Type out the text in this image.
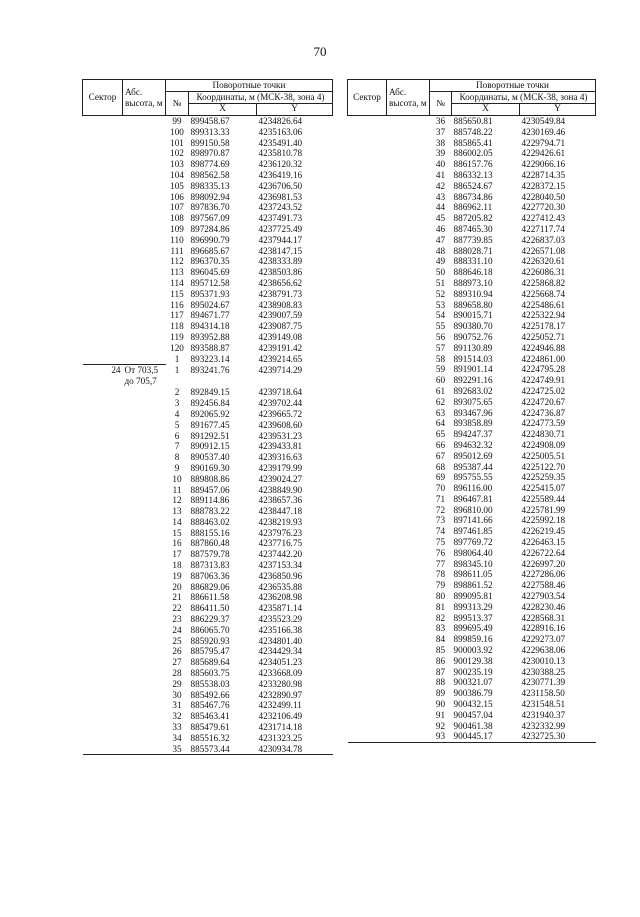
70
Сектор	Абс. высота, м	Поворотные точки		
		№	Координаты, м (МСК-38, зона 4)	
			X	Y
		99	899458.67	4234826.64
		100	899313.33	4235163.06
		101	899150.58	4235491.40
		102	898970.87	4235810.78
		103	898774.69	4236120.32
		104	898562.58	4236419.16
		105	898335.13	4236706.50
		106	898092.94	4236981.53
		107	897836.70	4237243.52
		108	897567.09	4237491.73
		109	897284.86	4237725.49
		110	896990.79	4237944.17
		111	896685.67	4238147.15
		112	896370.35	4238333.89
		113	896045.69	4238503.86
		114	895712.58	4238656.62
		115	895371.93	4238791.73
		116	895024.67	4238908.83
		117	894671.77	4239007.59
		118	894314.18	4239087.75
		119	893952.88	4239149.08
		120	893588.87	4239191.42
		1	893223.14	4239214.65
24	От 703,5 до 705,7	1	893241.76	4239714.29
		2	892849.15	4239718.64
		3	892456.84	4239702.44
		4	892065.92	4239665.72
		5	891677.45	4239608.60
		6	891292.51	4239531.23
		7	890912.15	4239433.81
		8	890537.40	4239316.63
		9	890169.30	4239179.99
		10	889808.86	4239024.27
		11	889457.06	4238849.90
		12	889114.86	4238657.36
		13	888783.22	4238447.18
		14	888463.02	4238219.93
		15	888155.16	4237976.23
		16	887860.48	4237716.75
		17	887579.78	4237442.20
		18	887313.83	4237153.34
		19	887063.36	4236850.96
		20	886829.06	4236535.88
		21	886611.58	4236208.98
		22	886411.50	4235871.14
		23	886229.37	4235523.29
		24	886065.70	4235166.38
		25	885920.93	4234801.40
		26	885795.47	4234429.34
		27	885689.64	4234051.23
		28	885603.75	4233668.09
		29	885538.03	4233280.98
		30	885492.66	4232890.97
		31	885467.76	4232499.11
		32	885463.41	4232106.49
		33	885479.61	4231714.18
		34	885516.32	4231323.25
		35	885573.44	4230934.78
Сектор	Абс. высота, м	Поворотные точки		
		№	Координаты, м (МСК-38, зона 4)	
			X	Y
		36	885650.81	4230549.84
		37	885748.22	4230169.46
		38	885865.41	4229794.71
		39	886002.05	4229426.61
		40	886157.76	4229066.16
		41	886332.13	4228714.35
		42	886524.67	4228372.15
		43	886734.86	4228040.50
		44	886962.11	4227720.30
		45	887205.82	4227412.43
		46	887465.30	4227117.74
		47	887739.85	4226837.03
		48	888028.71	4226571.08
		49	888331.10	4226320.61
		50	888646.18	4226086.31
		51	888973.10	4225868.82
		52	889310.94	4225668.74
		53	889658.80	4225486.61
		54	890015.71	4225322.94
		55	890380.70	4225178.17
		56	890752.76	4225052.71
		57	891130.89	4224946.88
		58	891514.03	4224861.00
		59	891901.14	4224795.28
		60	892291.16	4224749.91
		61	892683.02	4224725.02
		62	893075.65	4224720.67
		63	893467.96	4224736.87
		64	893858.89	4224773.59
		65	894247.37	4224830.71
		66	894632.32	4224908.09
		67	895012.69	4225005.51
		68	895387.44	4225122.70
		69	895755.55	4225259.35
		70	896116.00	4225415.07
		71	896467.81	4225589.44
		72	896810.00	4225781.99
		73	897141.66	4225992.18
		74	897461.85	4226219.45
		75	897769.72	4226463.15
		76	898064.40	4226722.64
		77	898345.10	4226997.20
		78	898611.05	4227286.06
		79	898861.52	4227588.46
		80	899095.81	4227903.54
		81	899313.29	4228230.46
		82	899513.37	4228568.31
		83	899695.49	4228916.16
		84	899859.16	4229273.07
		85	900003.92	4229638.06
		86	900129.38	4230010.13
		87	900235.19	4230388.25
		88	900321.07	4230771.39
		89	900386.79	4231158.50
		90	900432.15	4231548.51
		91	900457.04	4231940.37
		92	900461.38	4232332.99
		93	900445.17	4232725.30
